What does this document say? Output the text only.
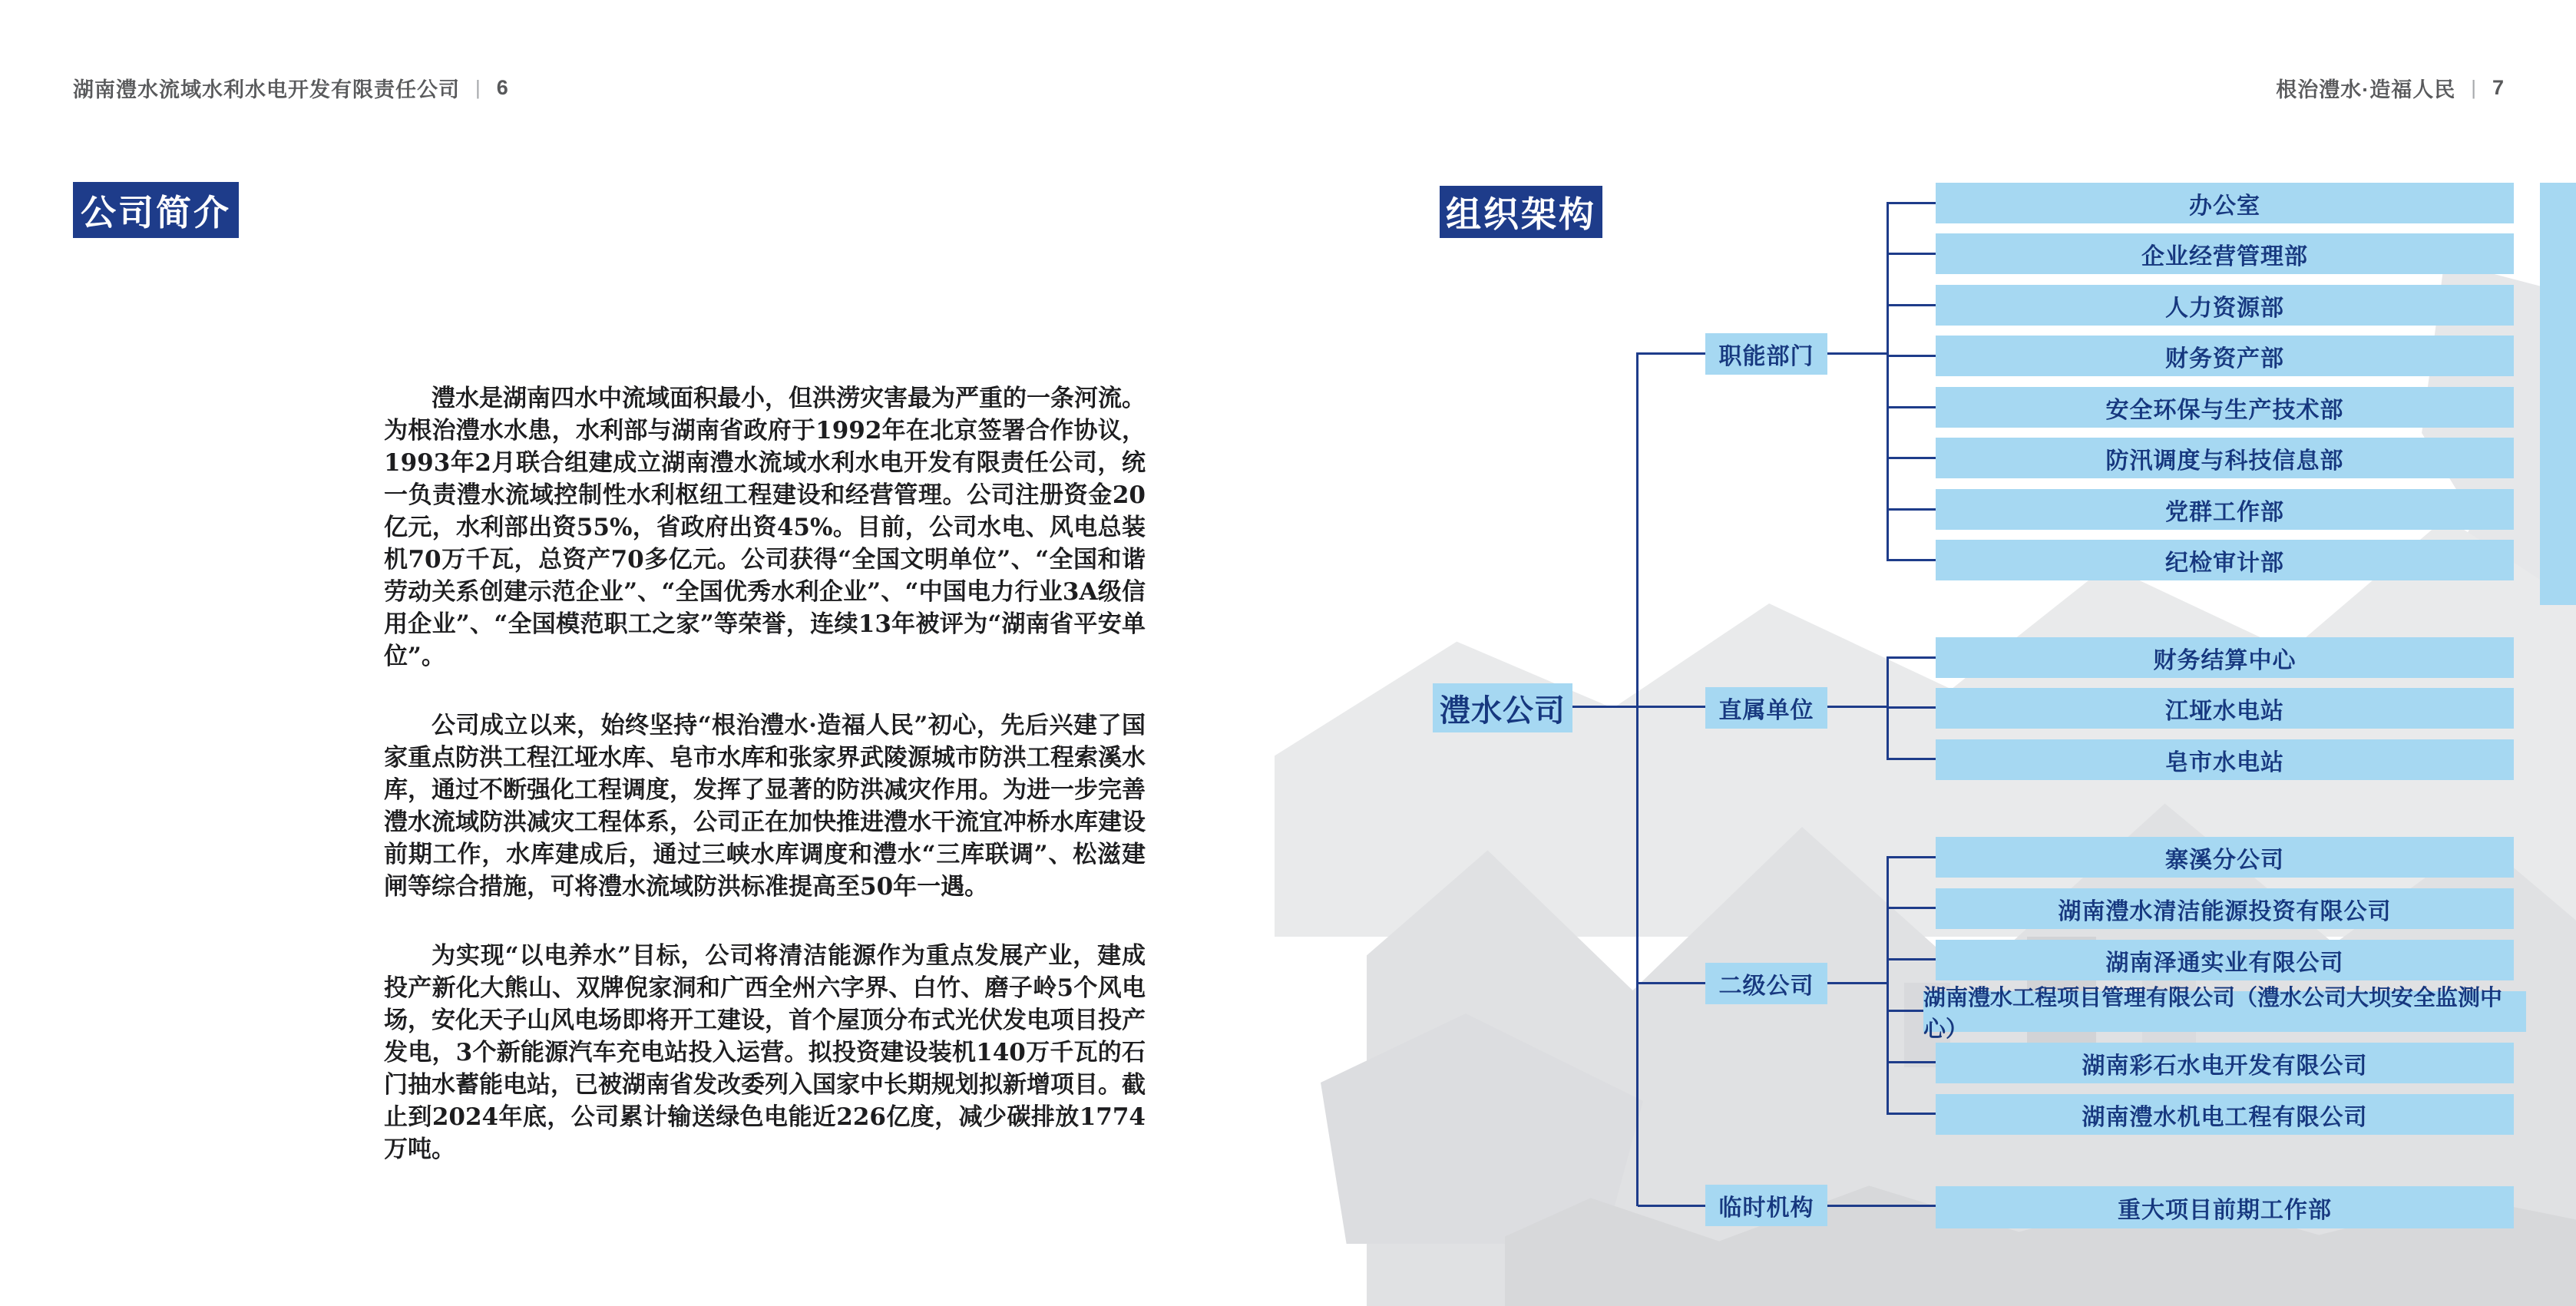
湖南澧水流域水利水电开发有限责任公司 | 6	根治澧水·造福人民 | 7
公司简介

澧水是湖南四水中流域面积最小，但洪涝灾害最为严重的一条河流。为根治澧水水患，水利部与湖南省政府于1992年在北京签署合作协议，1993年2月联合组建成立湖南澧水流域水利水电开发有限责任公司，统一负责澧水流域控制性水利枢纽工程建设和经营管理。公司注册资金20亿元，水利部出资55%，省政府出资45%。目前，公司水电、风电总装机70万千瓦，总资产70多亿元。公司获得“全国文明单位”、“全国和谐劳动关系创建示范企业”、“全国优秀水利企业”、“中国电力行业3A级信用企业”、“全国模范职工之家”等荣誉，连续13年被评为“湖南省平安单位”。

公司成立以来，始终坚持“根治澧水·造福人民”初心，先后兴建了国家重点防洪工程江垭水库、皂市水库和张家界武陵源城市防洪工程索溪水库，通过不断强化工程调度，发挥了显著的防洪减灾作用。为进一步完善澧水流域防洪减灾工程体系，公司正在加快推进澧水干流宜冲桥水库建设前期工作，水库建成后，通过三峡水库调度和澧水“三库联调”、松滋建闸等综合措施，可将澧水流域防洪标准提高至50年一遇。

为实现“以电养水”目标，公司将清洁能源作为重点发展产业，建成投产新化大熊山、双牌倪家洞和广西全州六字界、白竹、磨子岭5个风电场，安化天子山风电场即将开工建设，首个屋顶分布式光伏发电项目投产发电，3个新能源汽车充电站投入运营。拟投资建设装机140万千瓦的石门抽水蓄能电站，已被湖南省发改委列入国家中长期规划拟新增项目。截止到2024年底，公司累计输送绿色电能近226亿度，减少碳排放1774万吨。

组织架构
澧水公司
职能部门
直属单位
二级公司
临时机构
办公室
企业经营管理部
人力资源部
财务资产部
安全环保与生产技术部
防汛调度与科技信息部
党群工作部
纪检审计部
财务结算中心
江垭水电站
皂市水电站
寨溪分公司
湖南澧水清洁能源投资有限公司
湖南泽通实业有限公司
湖南澧水工程项目管理有限公司（澧水公司大坝安全监测中心）
湖南彩石水电开发有限公司
湖南澧水机电工程有限公司
重大项目前期工作部
